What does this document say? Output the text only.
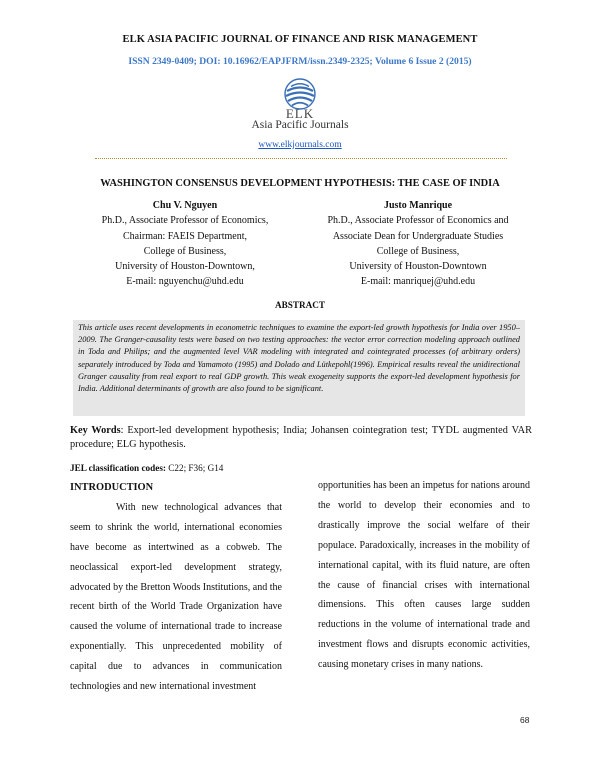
ELK ASIA PACIFIC JOURNAL OF FINANCE AND RISK MANAGEMENT
ISSN 2349-0409; DOI: 10.16962/EAPJFRM/issn.2349-2325; Volume 6 Issue 2 (2015)
ELK
Asia Pacific Journals
www.elkjournals.com
WASHINGTON CONSENSUS DEVELOPMENT HYPOTHESIS: THE CASE OF INDIA
Chu V. Nguyen
Ph.D., Associate Professor of Economics,
Chairman: FAEIS Department,
College of Business,
University of Houston-Downtown,
E-mail: nguyenchu@uhd.edu
Justo Manrique
Ph.D., Associate Professor of Economics and
Associate Dean for Undergraduate Studies
College of Business,
University of Houston-Downtown
E-mail: manriquej@uhd.edu
ABSTRACT
This article uses recent developments in econometric techniques to examine the export-led growth hypothesis for India over 1950–2009. The Granger-causality tests were based on two testing approaches: the vector error correction modeling approach outlined in Toda and Philips; and the augmented level VAR modeling with integrated and cointegrated processes (of arbitrary orders) separately introduced by Toda and Yamamoto (1995) and Dolado and Lütkepohl(1996). Empirical results reveal the unidirectional Granger causality from real export to real GDP growth. This weak exogeneity supports the export-led development hypothesis for India. Additional determinants of growth are also found to be significant.
Key Words: Export-led development hypothesis; India; Johansen cointegration test; TYDL augmented VAR procedure; ELG hypothesis.
JEL classification codes: C22; F36; G14
INTRODUCTION

With new technological advances that seem to shrink the world, international economies have become as intertwined as a cobweb. The neoclassical export-led development strategy, advocated by the Bretton Woods Institutions, and the recent birth of the World Trade Organization have caused the volume of international trade to increase exponentially. This unprecedented mobility of capital due to advances in communication technologies and new international investment

opportunities has been an impetus for nations around the world to develop their economies and to drastically improve the social welfare of their populace. Paradoxically, increases in the mobility of international capital, with its fluid nature, are often the cause of financial crises with international dimensions. This often causes large sudden reductions in the volume of international trade and investment flows and disrupts economic activities, causing monetary crises in many nations.

68
